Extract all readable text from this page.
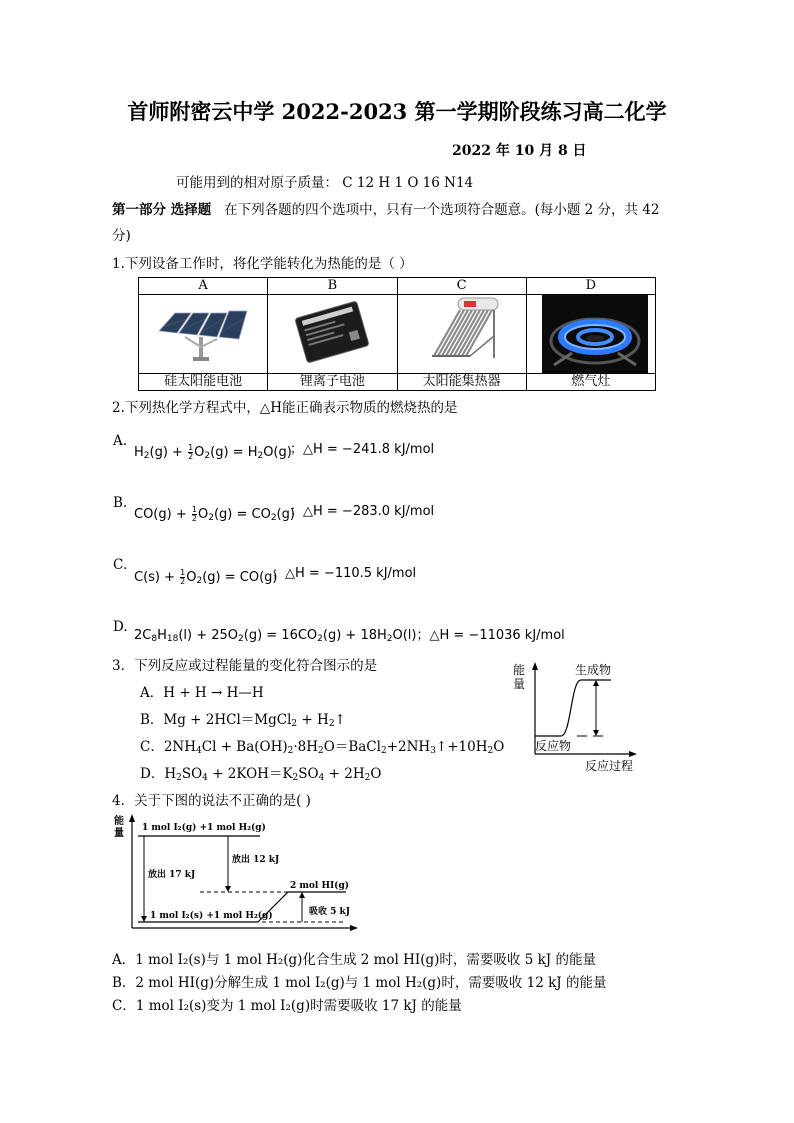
首师附密云中学 2022-2023 第一学期阶段练习高二化学
2022 年 10 月 8 日
可能用到的相对原子质量： C 12 H 1 O 16 N14
第一部分 选择题 在下列各题的四个选项中，只有一个选项符合题意。(每小题 2 分，共 42
分)
1.下列设备工作时，将化学能转化为热能的是（ ）
A	B	C	D

硅太阳能电池	锂离子电池	太阳能集热器	燃气灶
2.下列热化学方程式中，△H能正确表示物质的燃烧热的是
A.
$H_2(g) + \frac{1}{2} O_2(g) = H_2O(g)$
；△H = −241.8 kJ/mol
B.
$CO(g) + \frac{1}{2} O_2(g) = CO_2(g)$
；△H = −283.0 kJ/mol
C.
$C(s) + \frac{1}{2} O_2(g) = CO(g)$
；△H = −110.5 kJ/mol
D.
$2C_8H_{18}(l) + 25O_2(g) = 16CO_2(g) + 18H_2O(l)$；△H = −11036 kJ/mol
3．下列反应或过程能量的变化符合图示的是
A．H + H → H—H
B．Mg + 2HCl＝MgCl$_2$ + $H_2↑$
C．$2NH_4Cl$ + $Ba(OH)_2\cdot 8H_2O=BaCl_2+2NH_3↑+10H_2O$
D．$H_2SO_4 + 2KOH=K_2SO_4 + 2H_2O$
能
量
生成物
反应物
反应过程
4．关于下图的说法不正确的是( )
能
量 1 mol I₂(g) +1 mol H₂(g)
2 mol HI(g)
1 mol I₂(s) +1 mol H₂(g)
放出 17 kJ
放出 12 kJ
吸收 5 kJ
A．1 mol I₂(s)与 1 mol H₂(g)化合生成 2 mol HI(g)时，需要吸收 5 kJ 的能量
B．2 mol HI(g)分解生成 1 mol I₂(g)与 1 mol H₂(g)时，需要吸收 12 kJ 的能量
C．1 mol I₂(s)变为 1 mol I₂(g)时需要吸收 17 kJ 的能量
